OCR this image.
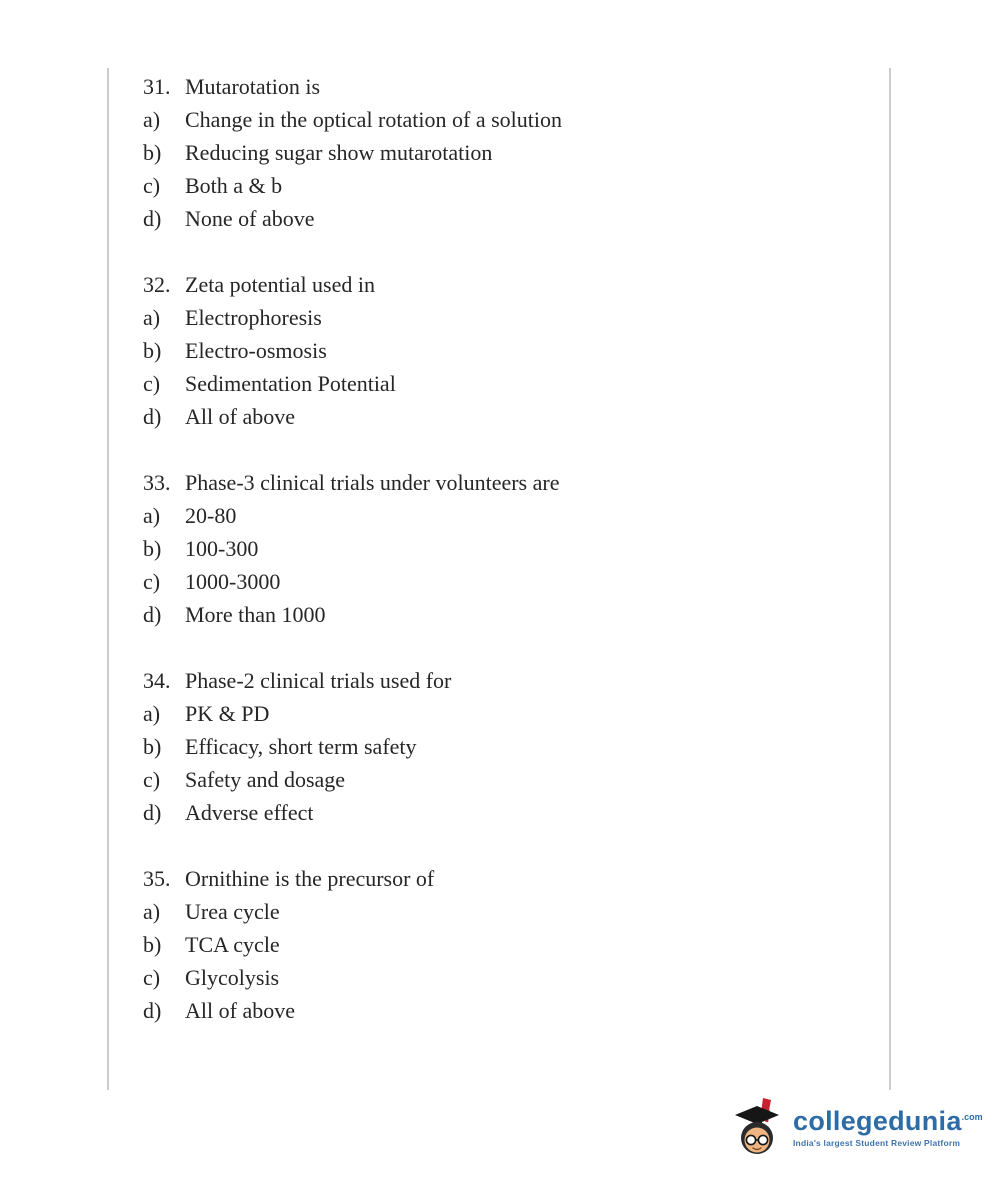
31. Mutarotation is
a)	Change in the optical rotation of a solution
b)	Reducing sugar show mutarotation
c)	Both a & b
d)	None of above
32. Zeta potential used in
a)	Electrophoresis
b)	Electro-osmosis
c)	Sedimentation Potential
d)	All of above
33. Phase-3 clinical trials under volunteers are
a)	20-80
b)	100-300
c)	1000-3000
d)	More than 1000
34. Phase-2 clinical trials used for
a)	PK & PD
b)	Efficacy, short term safety
c)	Safety and dosage
d)	Adverse effect
35. Ornithine is the precursor of
a)	Urea cycle
b)	TCA cycle
c)	Glycolysis
d)	All of above
collegedunia$^{.com}$
India's largest Student Review Platform
